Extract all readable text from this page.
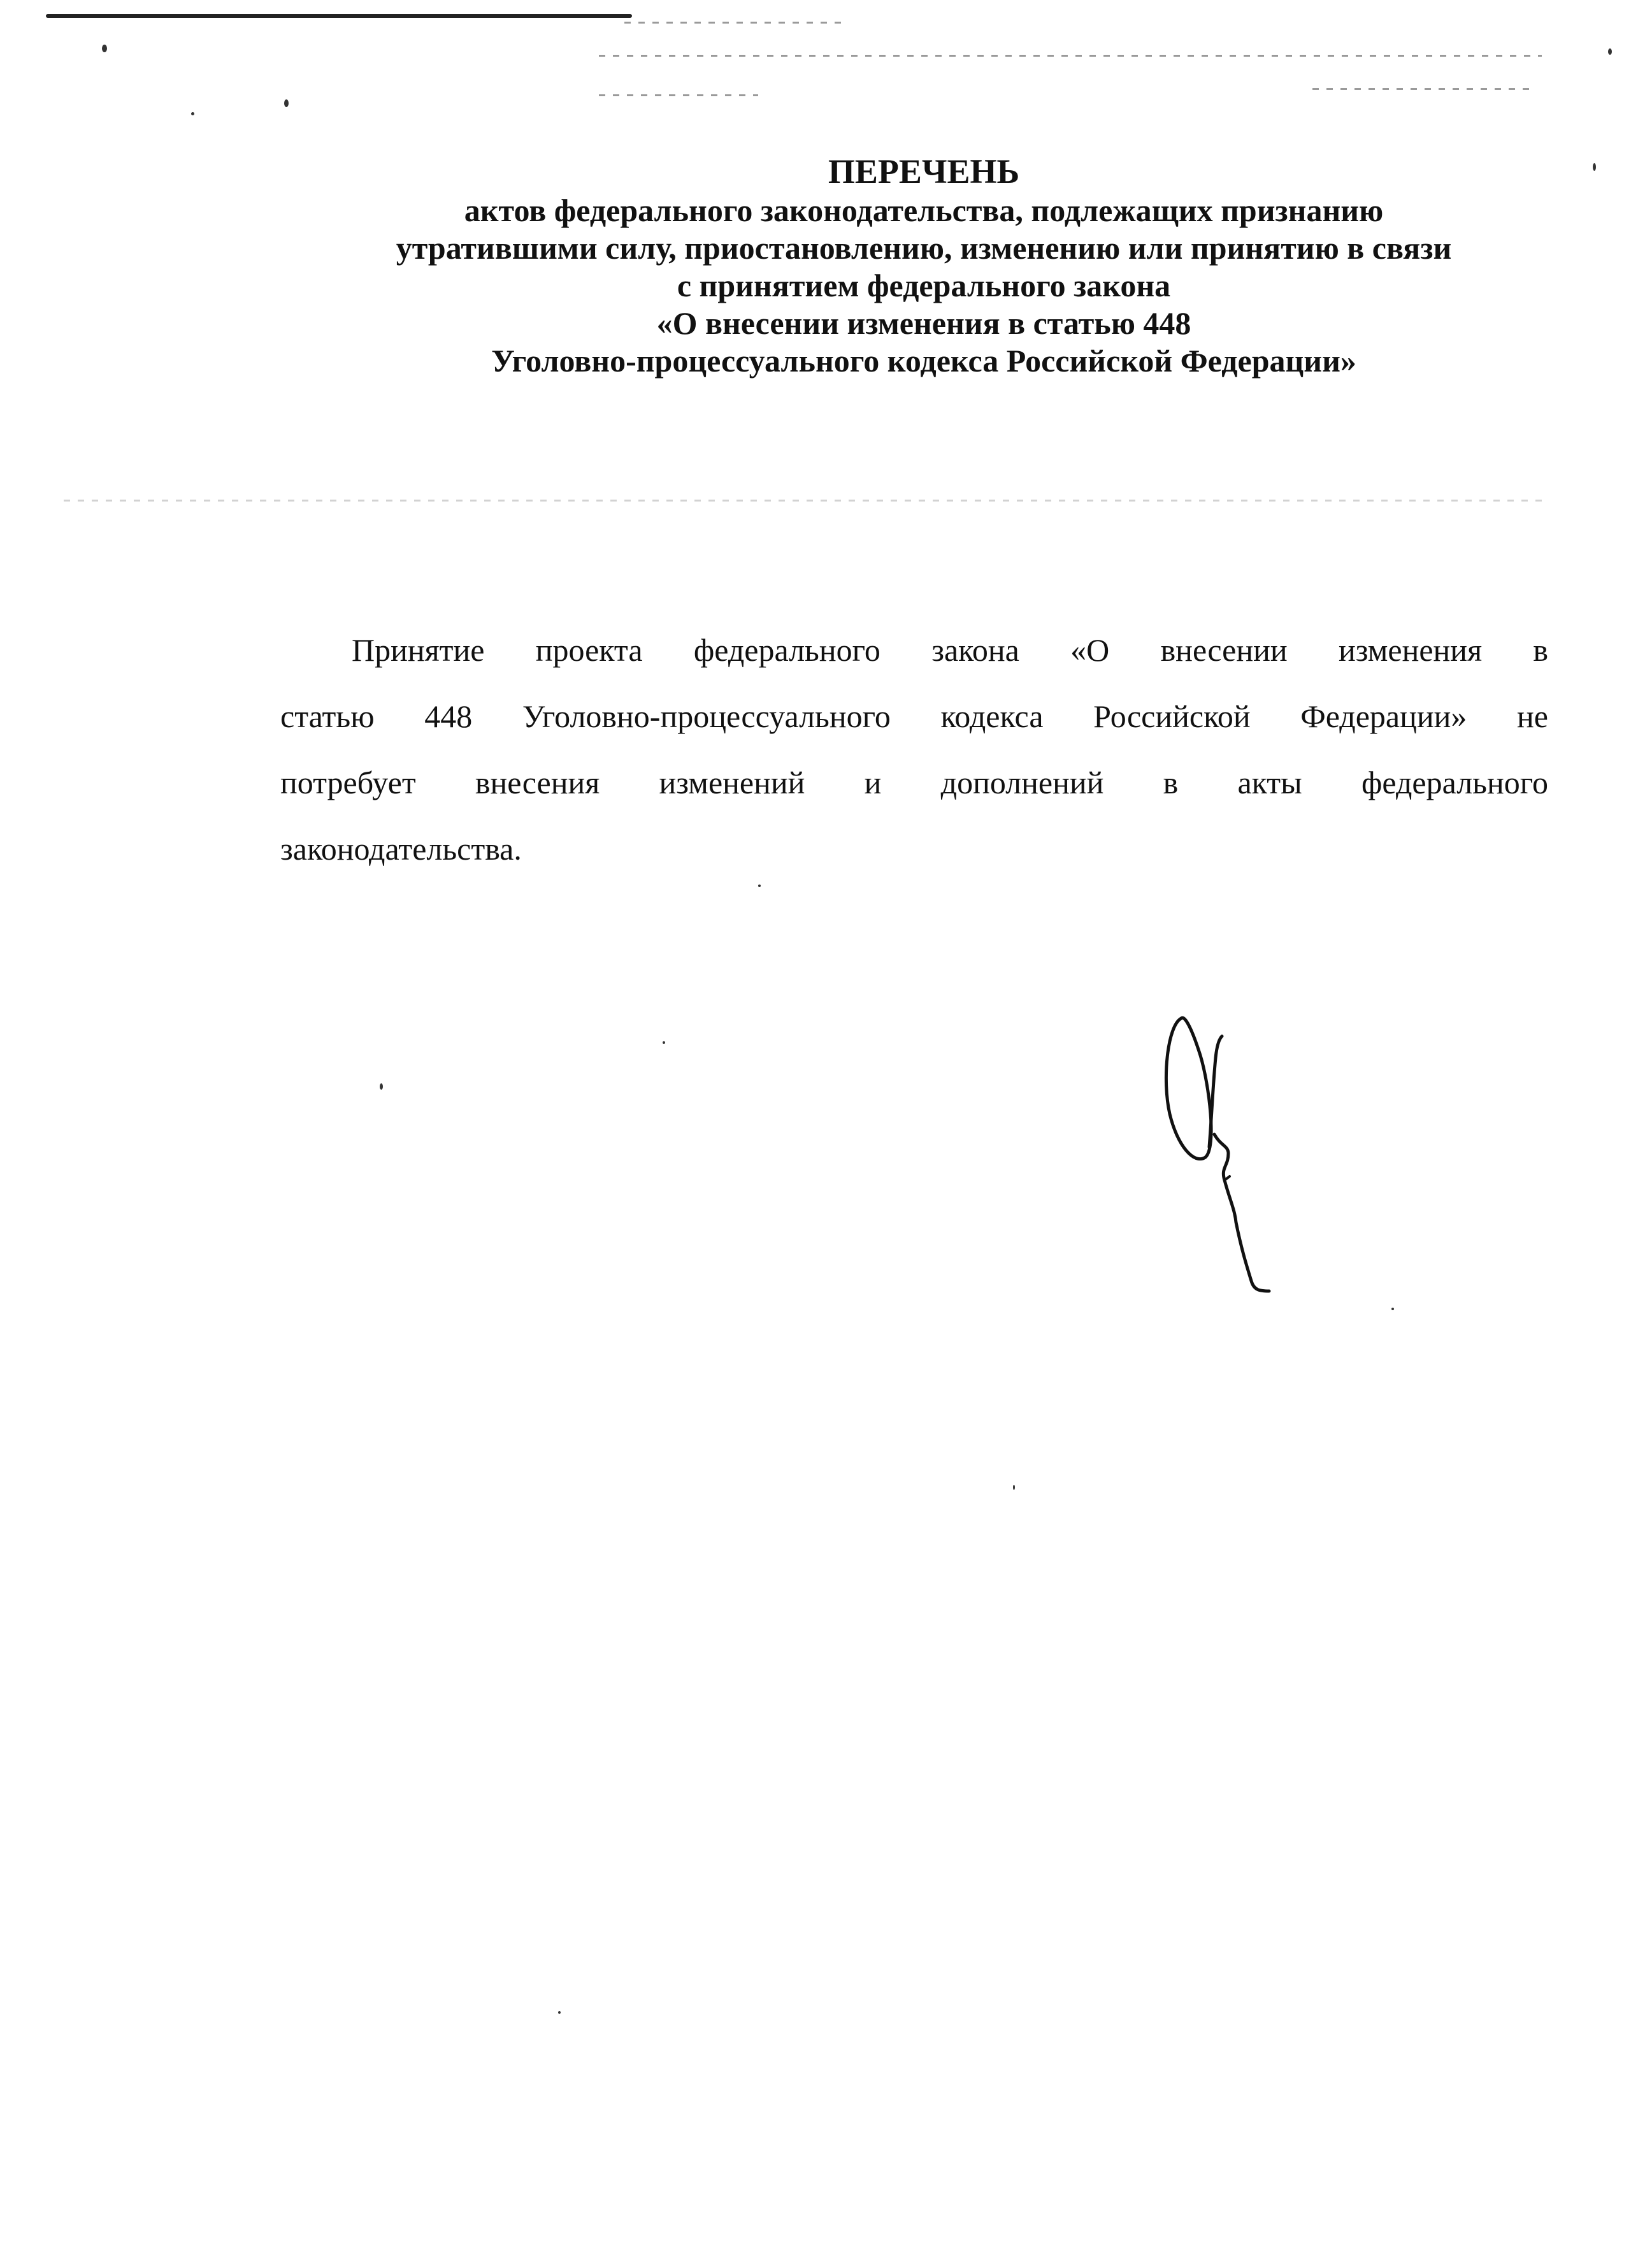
ПЕРЕЧЕНЬ
актов федерального законодательства, подлежащих признанию
утратившими силу, приостановлению, изменению или принятию в связи
с принятием федерального закона
«О внесении изменения в статью 448
Уголовно-процессуального кодекса Российской Федерации»
Принятие проекта федерального закона «О внесении изменения в
статью 448 Уголовно-процессуального кодекса Российской Федерации» не
потребует внесения изменений и дополнений в акты федерального
законодательства.
